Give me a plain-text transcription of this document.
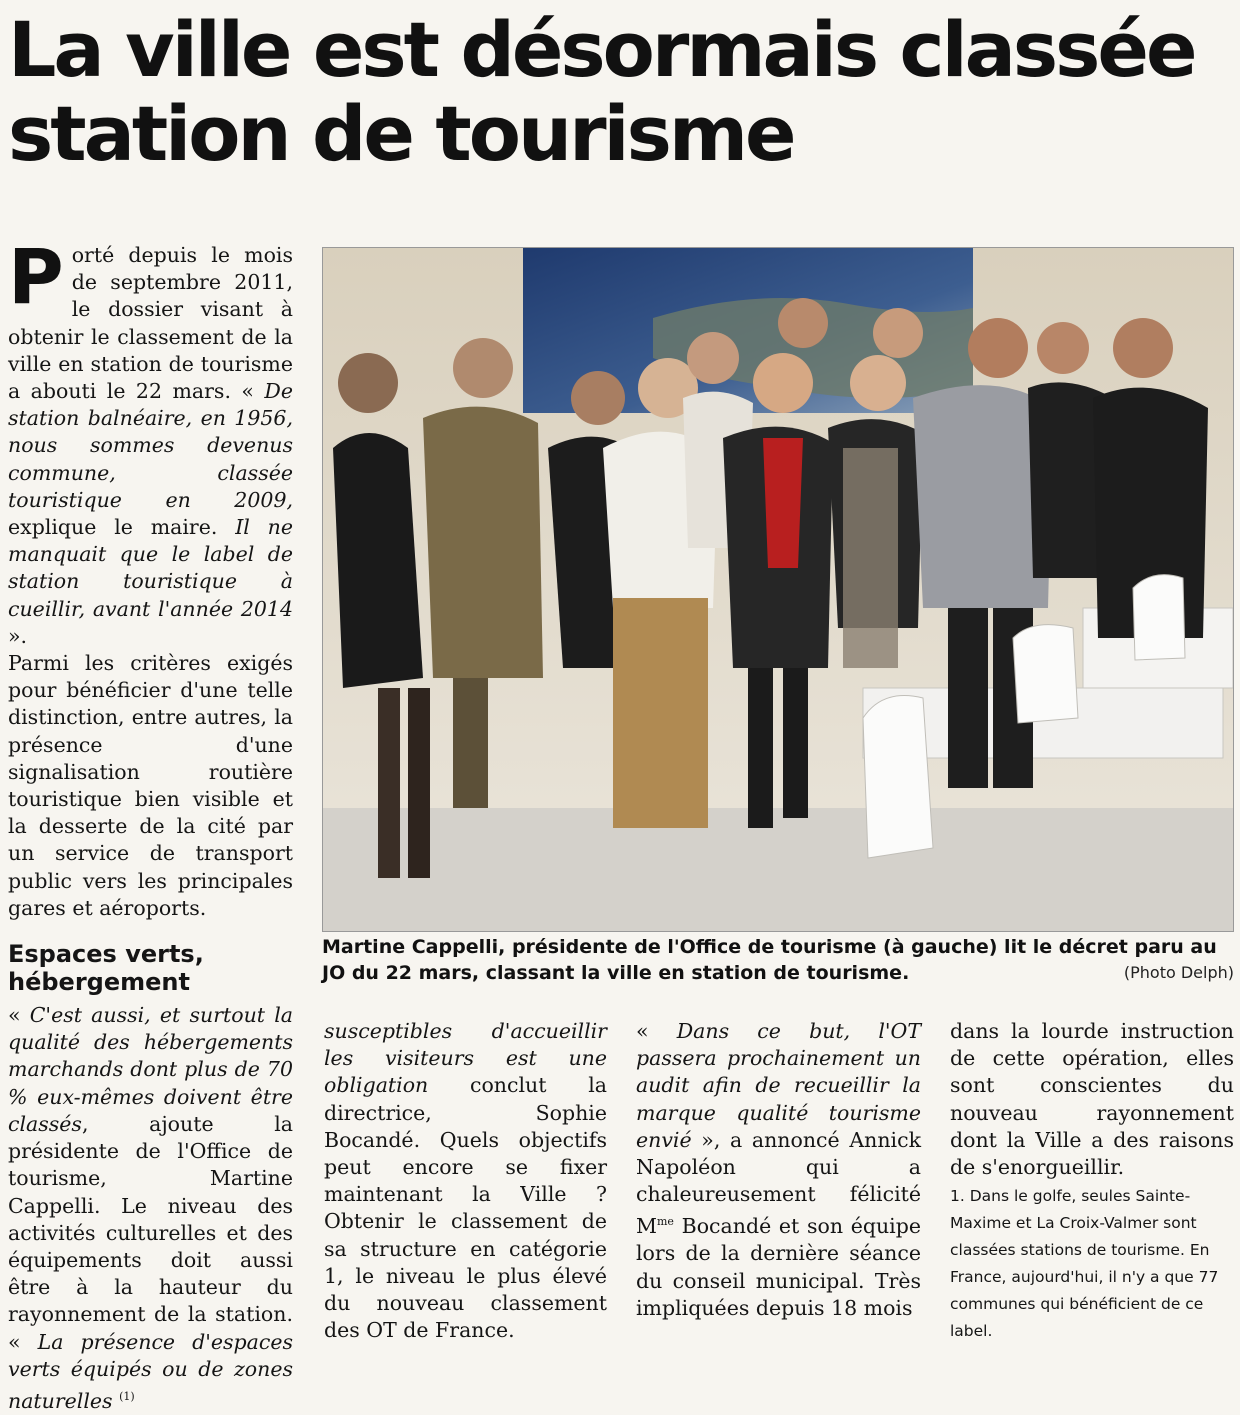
La ville est désormais classée station de tourisme

Porté depuis le mois de septembre 2011, le dossier visant à obtenir le classement de la ville en station de tourisme a abouti le 22 mars. « De station balnéaire, en 1956, nous sommes devenus commune, classée touristique en 2009, explique le maire. Il ne manquait que le label de station touristique à cueillir, avant l'année 2014 ».

Parmi les critères exigés pour bénéficier d'une telle distinction, entre autres, la présence d'une signalisation routière touristique bien visible et la desserte de la cité par un service de transport public vers les principales gares et aéroports.

Espaces verts, hébergement

« C'est aussi, et surtout la qualité des hébergements marchands dont plus de 70 % eux-mêmes doivent être classés, ajoute la présidente de l'Office de tourisme, Martine Cappelli. Le niveau des activités culturelles et des équipements doit aussi être à la hauteur du rayonnement de la station. « La présence d'espaces verts équipés ou de zones naturelles $^{(1)}$

Martine Cappelli, présidente de l'Office de tourisme (à gauche) lit le décret paru au JO du 22 mars, classant la ville en station de tourisme.	(Photo Delph)

susceptibles d'accueillir les visiteurs est une obligation conclut la directrice, Sophie Bocandé. Quels objectifs peut encore se fixer maintenant la Ville ? Obtenir le classement de sa structure en catégorie 1, le niveau le plus élevé du nouveau classement des OT de France.

« Dans ce but, l'OT passera prochainement un audit afin de recueillir la marque qualité tourisme envié », a annoncé Annick Napoléon qui a chaleureusement félicité $M^{me}$ Bocandé et son équipe lors de la dernière séance du conseil municipal. Très impliquées depuis 18 mois

dans la lourde instruction de cette opération, elles sont conscientes du nouveau rayonnement dont la Ville a des raisons de s'enorgueillir.

1. Dans le golfe, seules Sainte-Maxime et La Croix-Valmer sont classées stations de tourisme. En France, aujourd'hui, il n'y a que 77 communes qui bénéficient de ce label.
